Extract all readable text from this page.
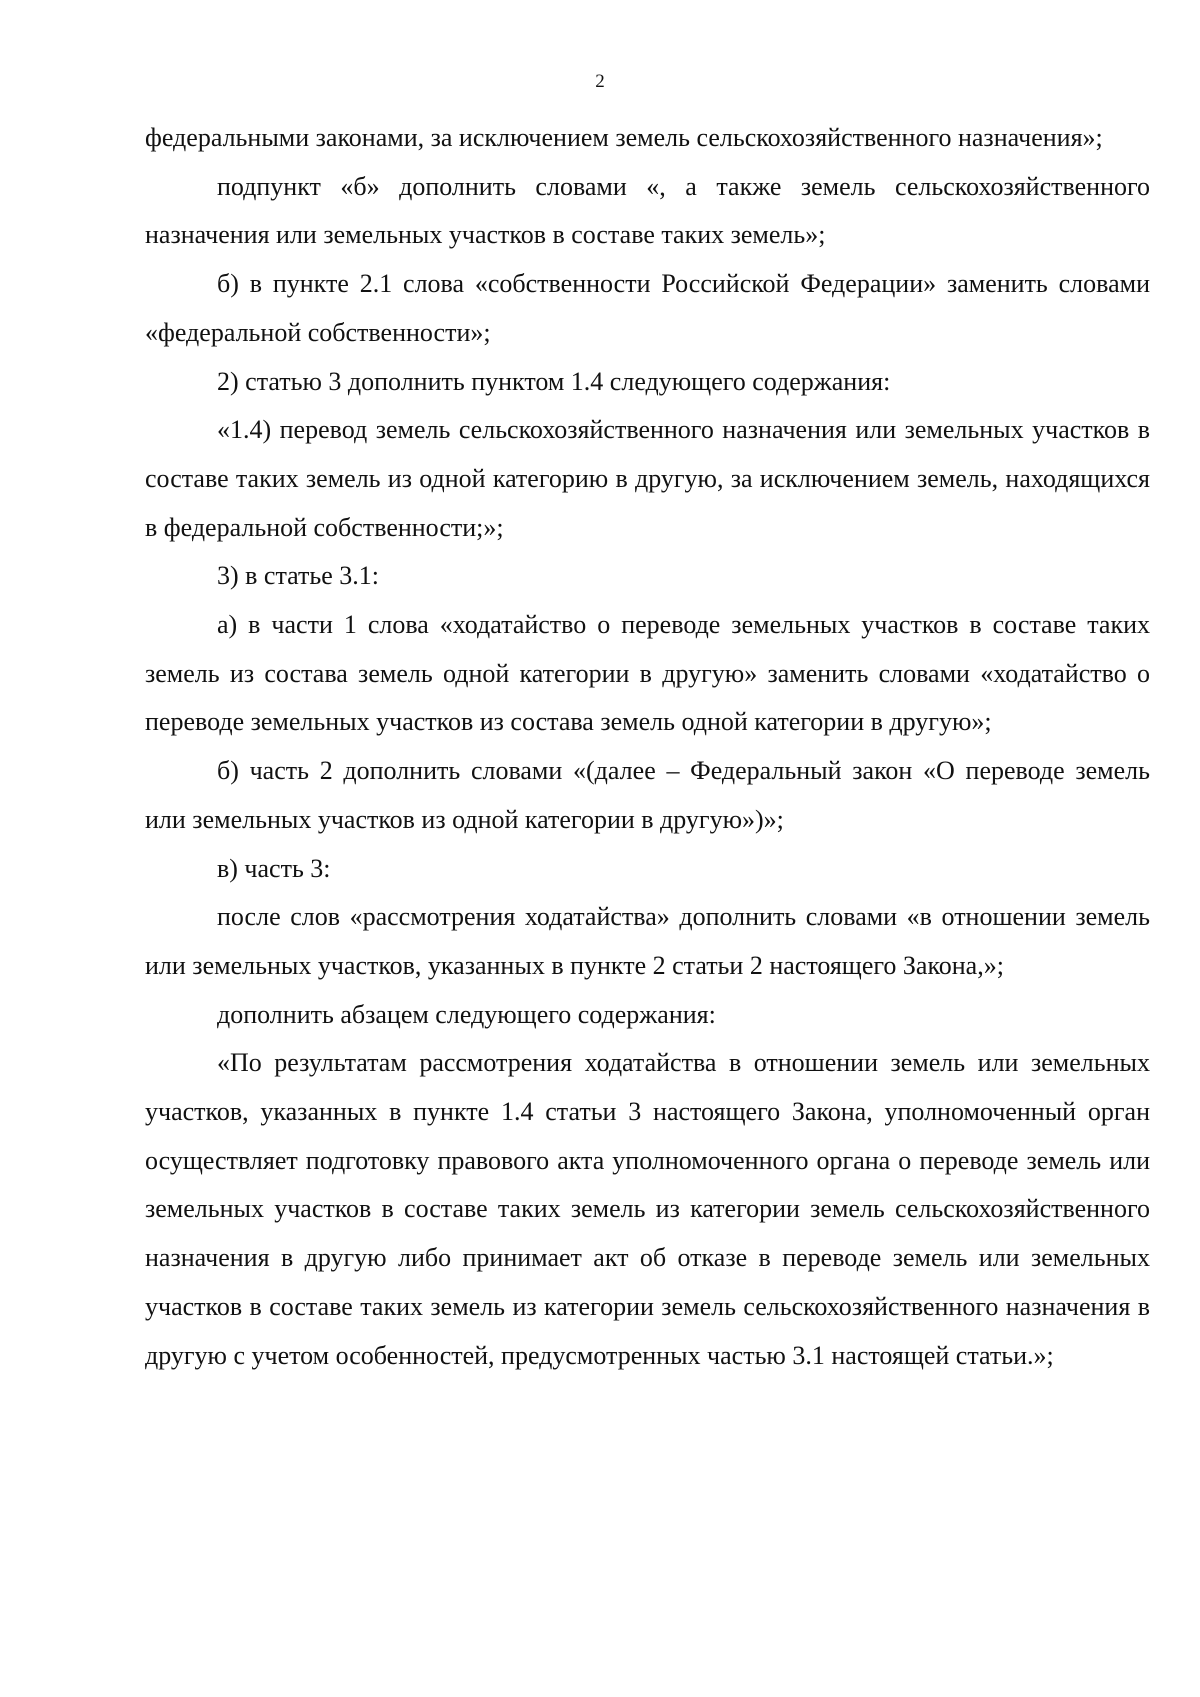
2

федеральными законами, за исключением земель сельскохозяйственного назначения»;

подпункт «б» дополнить словами «, а также земель сельскохозяйственного назначения или земельных участков в составе таких земель»;

б) в пункте 2.1 слова «собственности Российской Федерации» заменить словами «федеральной собственности»;

2) статью 3 дополнить пунктом 1.4 следующего содержания:

«1.4) перевод земель сельскохозяйственного назначения или земельных участков в составе таких земель из одной категорию в другую, за исключением земель, находящихся в федеральной собственности;»;

3) в статье 3.1:

а) в части 1 слова «ходатайство о переводе земельных участков в составе таких земель из состава земель одной категории в другую» заменить словами «ходатайство о переводе земельных участков из состава земель одной категории в другую»;

б) часть 2 дополнить словами «(далее – Федеральный закон «О переводе земель или земельных участков из одной категории в другую»)»;

в) часть 3:

после слов «рассмотрения ходатайства» дополнить словами «в отношении земель или земельных участков, указанных в пункте 2 статьи 2 настоящего Закона,»;

дополнить абзацем следующего содержания:

«По результатам рассмотрения ходатайства в отношении земель или земельных участков, указанных в пункте 1.4 статьи 3 настоящего Закона, уполномоченный орган осуществляет подготовку правового акта уполномоченного органа о переводе земель или земельных участков в составе таких земель из категории земель сельскохозяйственного назначения в другую либо принимает акт об отказе в переводе земель или земельных участков в составе таких земель из категории земель сельскохозяйственного назначения в другую с учетом особенностей, предусмотренных частью 3.1 настоящей статьи.»;
